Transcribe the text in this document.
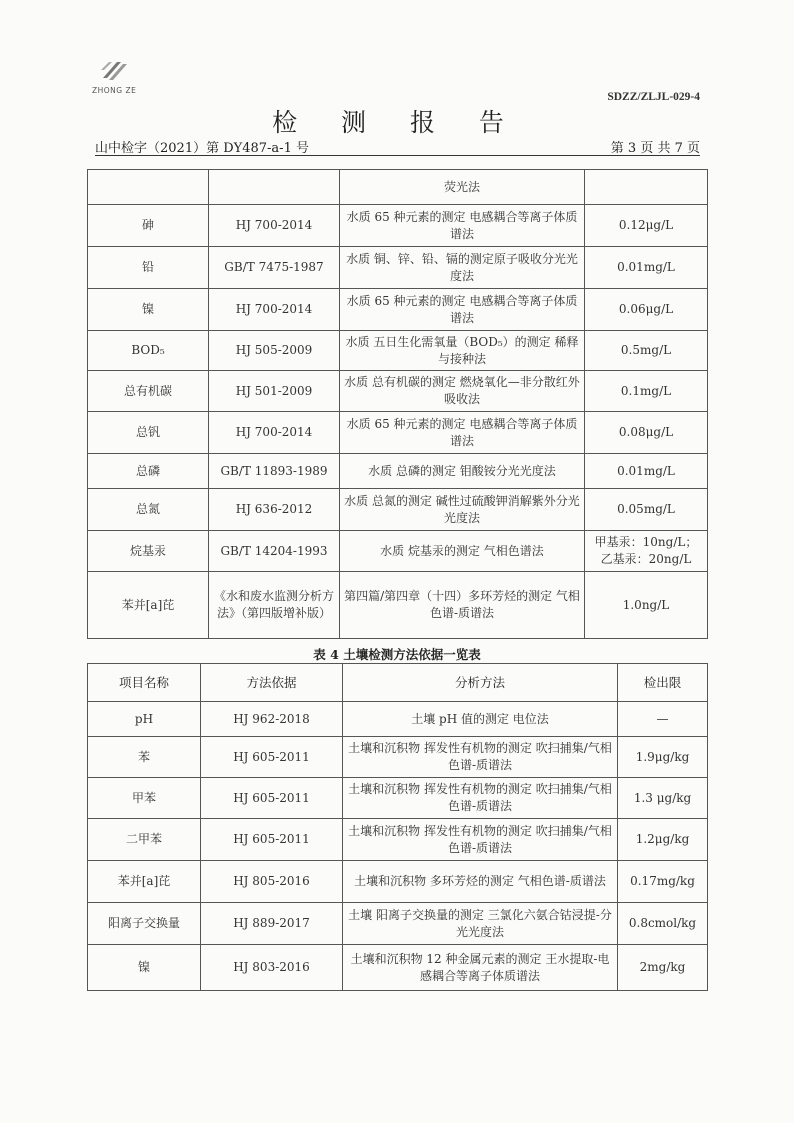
ZHONG ZE
SDZZ/ZLJL-029-4
检 测 报 告
山中检字（2021）第 DY487-a-1 号	第 3 页 共 7 页
		荧光法	
砷	HJ 700-2014	水质 65 种元素的测定 电感耦合等离子体质谱法	0.12μg/L
铅	GB/T 7475-1987	水质 铜、锌、铅、镉的测定原子吸收分光光度法	0.01mg/L
镍	HJ 700-2014	水质 65 种元素的测定 电感耦合等离子体质谱法	0.06μg/L
BOD₅	HJ 505-2009	水质 五日生化需氧量（BOD₅）的测定 稀释与接种法	0.5mg/L
总有机碳	HJ 501-2009	水质 总有机碳的测定 燃烧氧化—非分散红外吸收法	0.1mg/L
总钒	HJ 700-2014	水质 65 种元素的测定 电感耦合等离子体质谱法	0.08μg/L
总磷	GB/T 11893-1989	水质 总磷的测定 钼酸铵分光光度法	0.01mg/L
总氮	HJ 636-2012	水质 总氮的测定 碱性过硫酸钾消解紫外分光光度法	0.05mg/L
烷基汞	GB/T 14204-1993	水质 烷基汞的测定 气相色谱法	甲基汞：10ng/L；乙基汞：20ng/L
苯并[a]芘	《水和废水监测分析方法》（第四版增补版）	第四篇/第四章（十四）多环芳烃的测定 气相色谱-质谱法	1.0ng/L
表 4 土壤检测方法依据一览表
项目名称	方法依据	分析方法	检出限
pH	HJ 962-2018	土壤 pH 值的测定 电位法	—
苯	HJ 605-2011	土壤和沉积物 挥发性有机物的测定 吹扫捕集/气相色谱-质谱法	1.9μg/kg
甲苯	HJ 605-2011	土壤和沉积物 挥发性有机物的测定 吹扫捕集/气相色谱-质谱法	1.3 μg/kg
二甲苯	HJ 605-2011	土壤和沉积物 挥发性有机物的测定 吹扫捕集/气相色谱-质谱法	1.2μg/kg
苯并[a]芘	HJ 805-2016	土壤和沉积物 多环芳烃的测定 气相色谱-质谱法	0.17mg/kg
阳离子交换量	HJ 889-2017	土壤 阳离子交换量的测定 三氯化六氨合钴浸提-分光光度法	0.8cmol/kg
镍	HJ 803-2016	土壤和沉积物 12 种金属元素的测定 王水提取-电感耦合等离子体质谱法	2mg/kg
